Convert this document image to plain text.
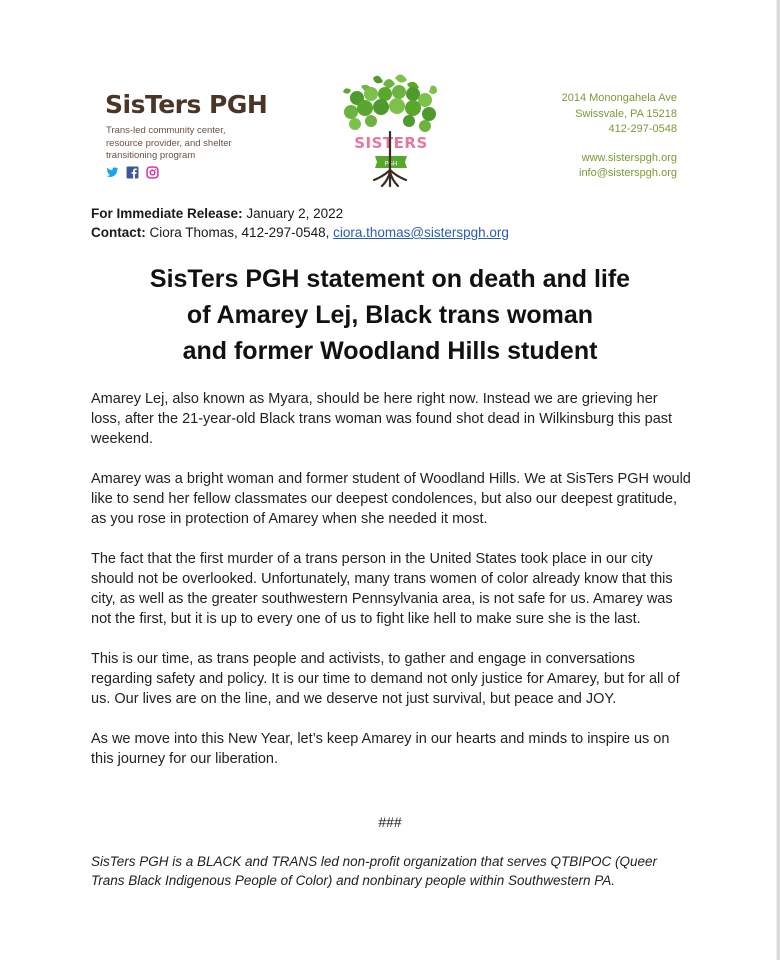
SisTers PGH

Trans-led community center, resource provider, and shelter transitioning program

SISTERS
PGH
2014 Monongahela Ave
Swissvale, PA 15218
412-297-0548
www.sisterspgh.org
info@sisterspgh.org
For Immediate Release: January 2, 2022
Contact: Ciora Thomas, 412-297-0548, ciora.thomas@sisterspgh.org
SisTers PGH statement on death and life
of Amarey Lej, Black trans woman
and former Woodland Hills student

Amarey Lej, also known as Myara, should be here right now. Instead we are grieving her loss, after the 21-year-old Black trans woman was found shot dead in Wilkinsburg this past weekend.

Amarey was a bright woman and former student of Woodland Hills. We at SisTers PGH would like to send her fellow classmates our deepest condolences, but also our deepest gratitude, as you rose in protection of Amarey when she needed it most.

The fact that the first murder of a trans person in the United States took place in our city should not be overlooked. Unfortunately, many trans women of color already know that this city, as well as the greater southwestern Pennsylvania area, is not safe for us. Amarey was not the first, but it is up to every one of us to fight like hell to make sure she is the last.

This is our time, as trans people and activists, to gather and engage in conversations regarding safety and policy. It is our time to demand not only justice for Amarey, but for all of us. Our lives are on the line, and we deserve not just survival, but peace and JOY.

As we move into this New Year, let’s keep Amarey in our hearts and minds to inspire us on this journey for our liberation.

###

SisTers PGH is a BLACK and TRANS led non-profit organization that serves QTBIPOC (Queer Trans Black Indigenous People of Color) and nonbinary people within Southwestern PA.
